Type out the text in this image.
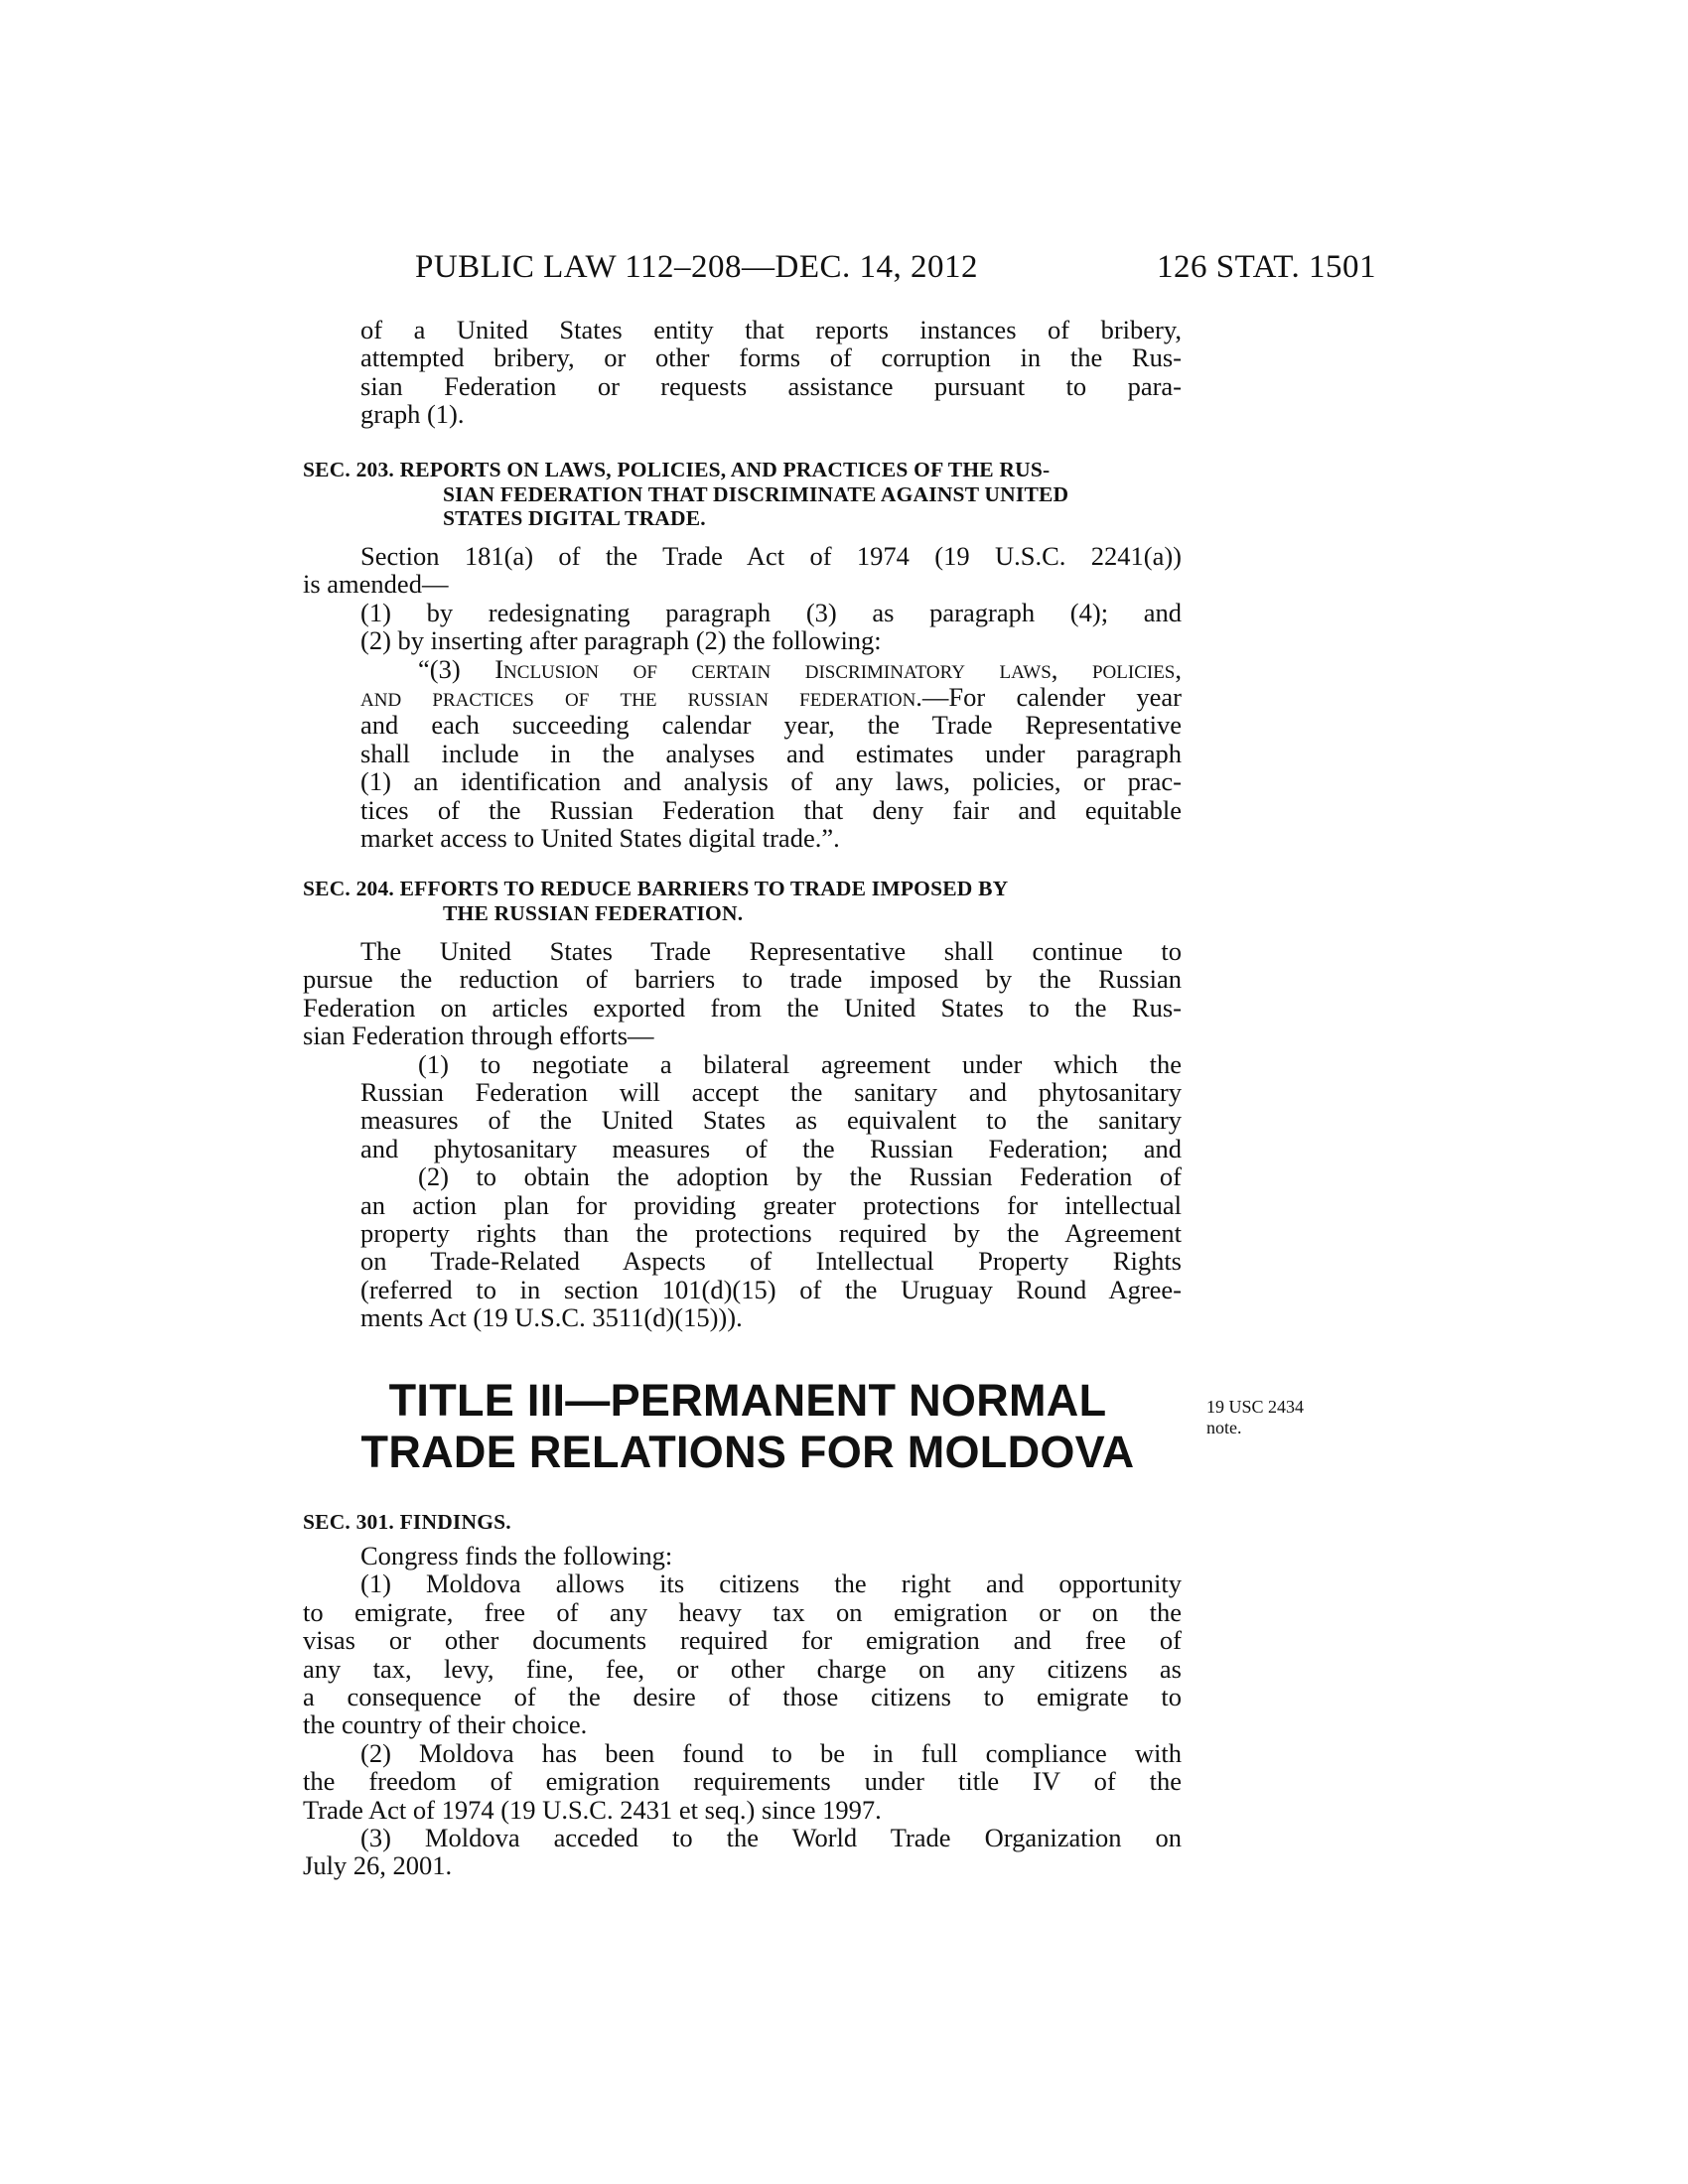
PUBLIC LAW 112–208—DEC. 14, 2012	126 STAT. 1501
of a United States entity that reports instances of bribery,
attempted bribery, or other forms of corruption in the Rus-
sian Federation or requests assistance pursuant to para-
graph (1).
SEC. 203. REPORTS ON LAWS, POLICIES, AND PRACTICES OF THE RUS-
SIAN FEDERATION THAT DISCRIMINATE AGAINST UNITED
STATES DIGITAL TRADE.
Section 181(a) of the Trade Act of 1974 (19 U.S.C. 2241(a))
is amended—
(1) by redesignating paragraph (3) as paragraph (4); and
(2) by inserting after paragraph (2) the following:
“(3) Inclusion of certain discriminatory laws, policies,
and practices of the russian federation.—For calender year
and each succeeding calendar year, the Trade Representative
shall include in the analyses and estimates under paragraph
(1) an identification and analysis of any laws, policies, or prac-
tices of the Russian Federation that deny fair and equitable
market access to United States digital trade.”.
SEC. 204. EFFORTS TO REDUCE BARRIERS TO TRADE IMPOSED BY
THE RUSSIAN FEDERATION.
The United States Trade Representative shall continue to
pursue the reduction of barriers to trade imposed by the Russian
Federation on articles exported from the United States to the Rus-
sian Federation through efforts—
(1) to negotiate a bilateral agreement under which the
Russian Federation will accept the sanitary and phytosanitary
measures of the United States as equivalent to the sanitary
and phytosanitary measures of the Russian Federation; and
(2) to obtain the adoption by the Russian Federation of
an action plan for providing greater protections for intellectual
property rights than the protections required by the Agreement
on Trade-Related Aspects of Intellectual Property Rights
(referred to in section 101(d)(15) of the Uruguay Round Agree-
ments Act (19 U.S.C. 3511(d)(15))).
TITLE III—PERMANENT NORMAL
TRADE RELATIONS FOR MOLDOVA
19 USC 2434
note.
SEC. 301. FINDINGS.
Congress finds the following:
(1) Moldova allows its citizens the right and opportunity
to emigrate, free of any heavy tax on emigration or on the
visas or other documents required for emigration and free of
any tax, levy, fine, fee, or other charge on any citizens as
a consequence of the desire of those citizens to emigrate to
the country of their choice.
(2) Moldova has been found to be in full compliance with
the freedom of emigration requirements under title IV of the
Trade Act of 1974 (19 U.S.C. 2431 et seq.) since 1997.
(3) Moldova acceded to the World Trade Organization on
July 26, 2001.
